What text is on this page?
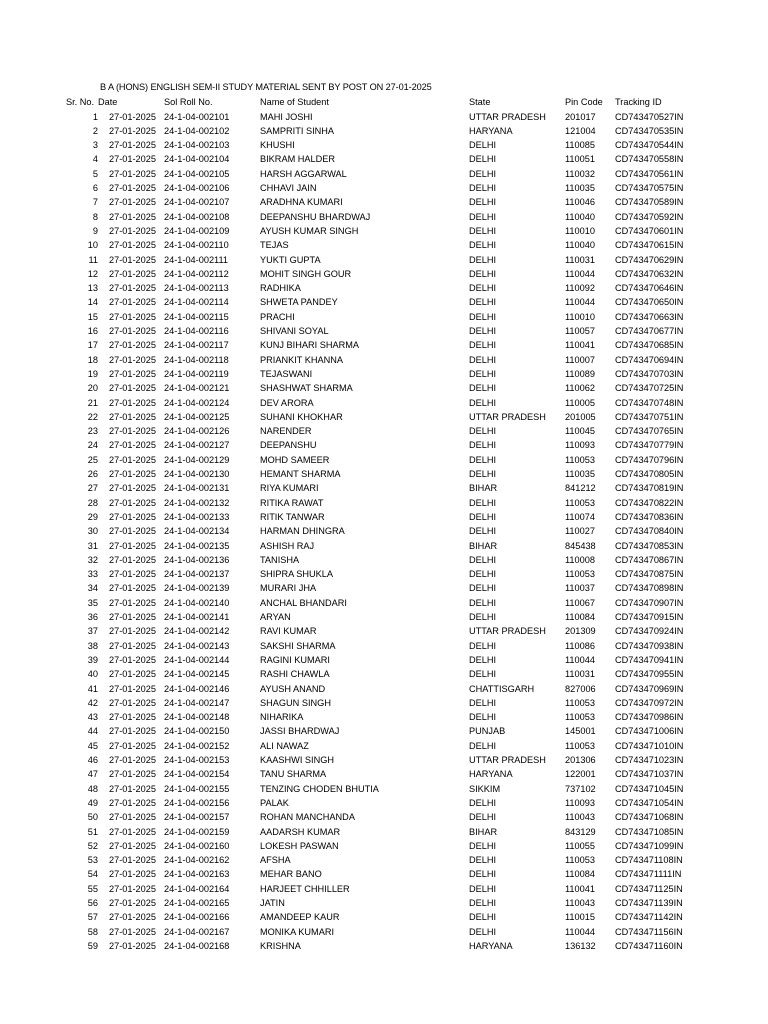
B A (HONS) ENGLISH SEM-II STUDY MATERIAL SENT BY POST ON 27-01-2025
Sr. No. Date	Sol Roll No.	Name of Student	State	Pin Code Tracking ID
1 27-01-2025 24-1-04-002101	MAHI JOSHI	UTTAR PRADESH 201017 CD743470527IN
2 27-01-2025 24-1-04-002102	SAMPRITI SINHA	HARYANA	121004 CD743470535IN
3 27-01-2025 24-1-04-002103	KHUSHI	DELHI	110085 CD743470544IN
4 27-01-2025 24-1-04-002104	BIKRAM HALDER	DELHI	110051 CD743470558IN
5 27-01-2025 24-1-04-002105	HARSH AGGARWAL	DELHI	110032 CD743470561IN
6 27-01-2025 24-1-04-002106	CHHAVI JAIN	DELHI	110035 CD743470575IN
7 27-01-2025 24-1-04-002107	ARADHNA KUMARI	DELHI	110046 CD743470589IN
8 27-01-2025 24-1-04-002108	DEEPANSHU BHARDWAJ	DELHI	110040 CD743470592IN
9 27-01-2025 24-1-04-002109	AYUSH KUMAR SINGH	DELHI	110010 CD743470601IN
10 27-01-2025 24-1-04-002110	TEJAS	DELHI	110040 CD743470615IN
11 27-01-2025 24-1-04-002111	YUKTI GUPTA	DELHI	110031 CD743470629IN
12 27-01-2025 24-1-04-002112	MOHIT SINGH GOUR	DELHI	110044 CD743470632IN
13 27-01-2025 24-1-04-002113	RADHIKA	DELHI	110092 CD743470646IN
14 27-01-2025 24-1-04-002114	SHWETA PANDEY	DELHI	110044 CD743470650IN
15 27-01-2025 24-1-04-002115	PRACHI	DELHI	110010 CD743470663IN
16 27-01-2025 24-1-04-002116	SHIVANI SOYAL	DELHI	110057 CD743470677IN
17 27-01-2025 24-1-04-002117	KUNJ BIHARI SHARMA	DELHI	110041 CD743470685IN
18 27-01-2025 24-1-04-002118	PRIANKIT KHANNA	DELHI	110007 CD743470694IN
19 27-01-2025 24-1-04-002119	TEJASWANI	DELHI	110089 CD743470703IN
20 27-01-2025 24-1-04-002121	SHASHWAT SHARMA	DELHI	110062 CD743470725IN
21 27-01-2025 24-1-04-002124	DEV ARORA	DELHI	110005 CD743470748IN
22 27-01-2025 24-1-04-002125	SUHANI KHOKHAR	UTTAR PRADESH 201005 CD743470751IN
23 27-01-2025 24-1-04-002126	NARENDER	DELHI	110045 CD743470765IN
24 27-01-2025 24-1-04-002127	DEEPANSHU	DELHI	110093 CD743470779IN
25 27-01-2025 24-1-04-002129	MOHD SAMEER	DELHI	110053 CD743470796IN
26 27-01-2025 24-1-04-002130	HEMANT SHARMA	DELHI	110035 CD743470805IN
27 27-01-2025 24-1-04-002131	RIYA KUMARI	BIHAR	841212 CD743470819IN
28 27-01-2025 24-1-04-002132	RITIKA RAWAT	DELHI	110053 CD743470822IN
29 27-01-2025 24-1-04-002133	RITIK TANWAR	DELHI	110074 CD743470836IN
30 27-01-2025 24-1-04-002134	HARMAN DHINGRA	DELHI	110027 CD743470840IN
31 27-01-2025 24-1-04-002135	ASHISH RAJ	BIHAR	845438 CD743470853IN
32 27-01-2025 24-1-04-002136	TANISHA	DELHI	110008 CD743470867IN
33 27-01-2025 24-1-04-002137	SHIPRA SHUKLA	DELHI	110053 CD743470875IN
34 27-01-2025 24-1-04-002139	MURARI JHA	DELHI	110037 CD743470898IN
35 27-01-2025 24-1-04-002140	ANCHAL BHANDARI	DELHI	110067 CD743470907IN
36 27-01-2025 24-1-04-002141	ARYAN	DELHI	110084 CD743470915IN
37 27-01-2025 24-1-04-002142	RAVI KUMAR	UTTAR PRADESH 201309 CD743470924IN
38 27-01-2025 24-1-04-002143	SAKSHI SHARMA	DELHI	110086 CD743470938IN
39 27-01-2025 24-1-04-002144	RAGINI KUMARI	DELHI	110044 CD743470941IN
40 27-01-2025 24-1-04-002145	RASHI CHAWLA	DELHI	110031 CD743470955IN
41 27-01-2025 24-1-04-002146	AYUSH ANAND	CHATTISGARH	827006 CD743470969IN
42 27-01-2025 24-1-04-002147	SHAGUN SINGH	DELHI	110053 CD743470972IN
43 27-01-2025 24-1-04-002148	NIHARIKA	DELHI	110053 CD743470986IN
44 27-01-2025 24-1-04-002150	JASSI BHARDWAJ	PUNJAB	145001 CD743471006IN
45 27-01-2025 24-1-04-002152	ALI NAWAZ	DELHI	110053 CD743471010IN
46 27-01-2025 24-1-04-002153	KAASHWI SINGH	UTTAR PRADESH 201306 CD743471023IN
47 27-01-2025 24-1-04-002154	TANU SHARMA	HARYANA	122001 CD743471037IN
48 27-01-2025 24-1-04-002155	TENZING CHODEN BHUTIA	SIKKIM	737102 CD743471045IN
49 27-01-2025 24-1-04-002156	PALAK	DELHI	110093 CD743471054IN
50 27-01-2025 24-1-04-002157	ROHAN MANCHANDA	DELHI	110043 CD743471068IN
51 27-01-2025 24-1-04-002159	AADARSH KUMAR	BIHAR	843129 CD743471085IN
52 27-01-2025 24-1-04-002160	LOKESH PASWAN	DELHI	110055 CD743471099IN
53 27-01-2025 24-1-04-002162	AFSHA	DELHI	110053 CD743471108IN
54 27-01-2025 24-1-04-002163	MEHAR BANO	DELHI	110084 CD743471111IN
55 27-01-2025 24-1-04-002164	HARJEET CHHILLER	DELHI	110041 CD743471125IN
56 27-01-2025 24-1-04-002165	JATIN	DELHI	110043 CD743471139IN
57 27-01-2025 24-1-04-002166	AMANDEEP KAUR	DELHI	110015 CD743471142IN
58 27-01-2025 24-1-04-002167	MONIKA KUMARI	DELHI	110044 CD743471156IN
59 27-01-2025 24-1-04-002168	KRISHNA	HARYANA	136132 CD743471160IN
